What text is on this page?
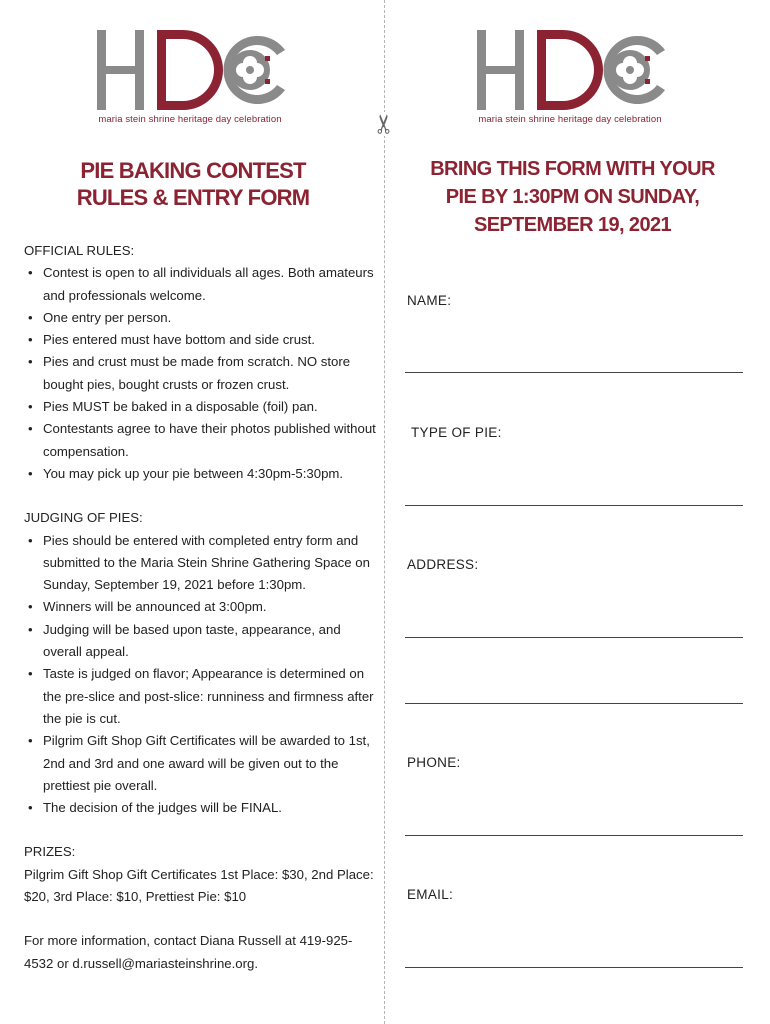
maria stein shrine heritage day celebration	maria stein shrine heritage day celebration
✂
PIE BAKING CONTEST
RULES & ENTRY FORM
BRING THIS FORM WITH YOUR
PIE BY 1:30PM ON SUNDAY,
SEPTEMBER 19, 2021
OFFICIAL RULES:
• Contest is open to all individuals all ages. Both amateurs and professionals welcome.
• One entry per person.
• Pies entered must have bottom and side crust.
• Pies and crust must be made from scratch. NO store bought pies, bought crusts or frozen crust.
• Pies MUST be baked in a disposable (foil) pan.
• Contestants agree to have their photos published without compensation.
• You may pick up your pie between 4:30pm-5:30pm.
JUDGING OF PIES:
• Pies should be entered with completed entry form and submitted to the Maria Stein Shrine Gathering Space on Sunday, September 19, 2021 before 1:30pm.
• Winners will be announced at 3:00pm.
• Judging will be based upon taste, appearance, and overall appeal.
• Taste is judged on flavor; Appearance is determined on the pre-slice and post-slice: runniness and firmness after the pie is cut.
• Pilgrim Gift Shop Gift Certificates will be awarded to 1st, 2nd and 3rd and one award will be given out to the prettiest pie overall.
• The decision of the judges will be FINAL.
PRIZES:

Pilgrim Gift Shop Gift Certificates 1st Place: $30, 2nd Place: $20, 3rd Place: $10, Prettiest Pie: $10

For more information, contact Diana Russell at 419-925-4532 or d.russell@mariasteinshrine.org.

NAME:
TYPE OF PIE:
ADDRESS:
PHONE:
EMAIL:
